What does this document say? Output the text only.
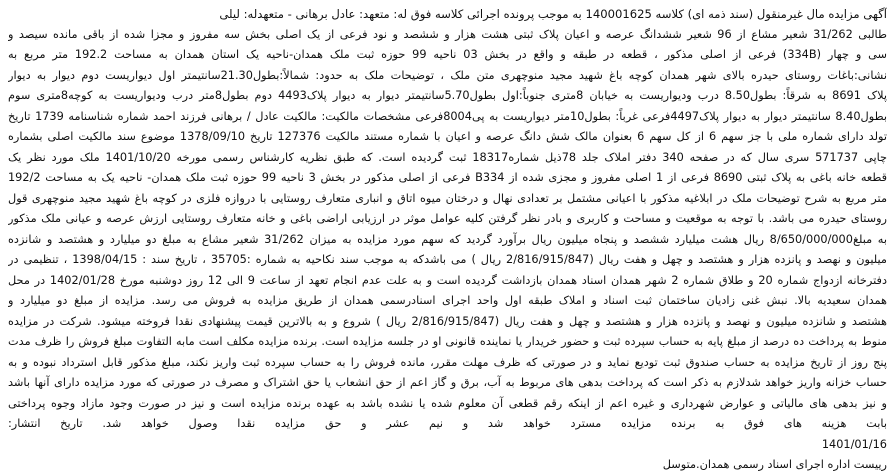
آگهی مزایده مال غیرمنقول (سند ذمه ای) کلاسه 140001625 به موجب پرونده اجرائی کلاسه فوق له: متعهد: عادل برهانی - متعهدله: لیلی
طالبی 31/262 شعیر مشاع از 96 شعیر ششدانگ عرصه و اعیان پلاک ثبتی هشت هزار و ششصد و نود فرعی از یک اصلی بخش سه مفروز و مجزا شده از باقی مانده سیصد و
سی و چهار (334B) فرعی از اصلی مذکور ، قطعه در طبقه و واقع در بخش 03 ناحیه 99 حوزه ثبت ملک همدان-ناحیه یک استان همدان به مساحت 192.2 متر مربع به
نشانی:باغات روستای حیدره بالای شهر همدان کوچه باغ شهید مجید منوچهری متن ملک ، توضیحات ملک به حدود: شمالاً:بطول21.30سانتیمتر اول دیواریست دوم دیوار به دیوار
پلاک 8691 به شرقاً: بطول8.50 درب ودیواریست به خیابان 8متری جنوباً:اول بطول5.70سانتیمتر دیوار به دیوار پلاک4493 دوم بطول8متر درب ودیواریست به کوچه8متری سوم
بطول8.40 سانتیمتر دیوار به دیوار پلاک4497فرعی غرباً: بطول10متر دیواریست به پی8004فرعی مشخصات مالکیت: مالکیت عادل / برهانی فرزند احمد شماره شناسنامه 1739 تاریخ
تولد دارای شماره ملی با جز سهم 6 از کل سهم 6 بعنوان مالک شش دانگ عرصه و اعیان با شماره مستند مالکیت 127376 تاریخ 1378/09/10 موضوع سند مالکیت اصلی بشماره
چاپی 571737 سری سال که در صفحه 340 دفتر املاک جلد 78ذیل شماره18317 ثبت گردیده است. که طبق نظریه کارشناس رسمی مورخه 1401/10/20 ملک مورد نظر یک
قطعه خانه باغی به پلاک ثبتی 8690 فرعی از 1 اصلی مفروز و مجزی شده از B334 فرعی از اصلی مذکور در بخش 3 ناحیه 99 حوزه ثبت ملک همدان- ناحیه یک به مساحت 192/2
متر مربع به شرح توضیحات ملک در ابلاغیه مذکور با اعیانی مشتمل بر تعدادی نهال و درختان میوه اتاق و انباری متعارف روستایی با دروازه فلزی در کوچه باغ شهید مجید منوچهری قول
روستای حیدره می باشد. با توجه به موقعیت و مساحت و کاربری و بادر نظر گرفتن کلیه عوامل موثر در ارزیابی اراضی باغی و خانه متعارف روستایی ارزش عرصه و عیانی ملک مذکور
به مبلغ8/650/000/000 ریال هشت میلیارد ششصد و پنجاه میلیون ریال برآورد گردید که سهم مورد مزایده به میزان 31/262 شعیر مشاع به مبلغ دو میلیارد و هشتصد و شانزده
میلیون و نهصد و پانزده هزار و هشتصد و چهل و هفت ریال (2/816/915/847 ریال ) می باشدکه به موجب سند نکاحیه به شماره :35705 ، تاریخ سند : 1398/04/15 ، تنظیمی در
دفترخانه ازدواج شماره 20 و طلاق شماره 2 شهر همدان اسناد همدان بازداشت گردیده است و به علت عدم انجام تعهد از ساعت 9 الی 12 روز دوشنبه مورخ 1402/01/28 در محل
همدان سعیدیه بالا. نبش غنی زادیان ساختمان ثبت اسناد و املاک طبقه اول واحد اجرای اسنادرسمی همدان از طریق مزایده به فروش می رسد. مزایده از مبلغ دو میلیارد و
هشتصد و شانزده میلیون و نهصد و پانزده هزار و هشتصد و چهل و هفت ریال (2/816/915/847 ریال ) شروع و به بالاترین قیمت پیشنهادی نقدا فروخته میشود. شرکت در مزایده
منوط به پرداخت ده درصد از مبلغ پایه به حساب سپرده ثبت و حضور خریدار یا نماینده قانونی او در جلسه مزایده است. برنده مزایده مکلف است مابه التفاوت مبلغ فروش را ظرف مدت
پنج روز از تاریخ مزایده به حساب صندوق ثبت تودیع نماید و در صورتی که ظرف مهلت مقرر، مانده فروش را به حساب سپرده ثبت واریز نکند، مبلغ مذکور قابل استرداد نبوده و به
حساب خزانه واریز خواهد شدلازم به ذکر است که پرداخت بدهی های مربوط به آب، برق و گاز اعم از حق انشعاب یا حق اشتراک و مصرف در صورتی که مورد مزایده دارای آنها باشد
و نیز بدهی های مالیاتی و عوارض شهرداری و غیره اعم از اینکه رقم قطعی آن معلوم شده یا نشده باشد به عهده برنده مزایده است و نیز در صورت وجود مازاد وجوه پرداختی
بابت هزینه های فوق به برنده مزایده مسترد خواهد شد و نیم عشر و حق مزایده نقدا وصول خواهد شد. تاریخ انتشار:
1401/01/16
رییست اداره اجرای اسناد رسمی همدان.متوسل
